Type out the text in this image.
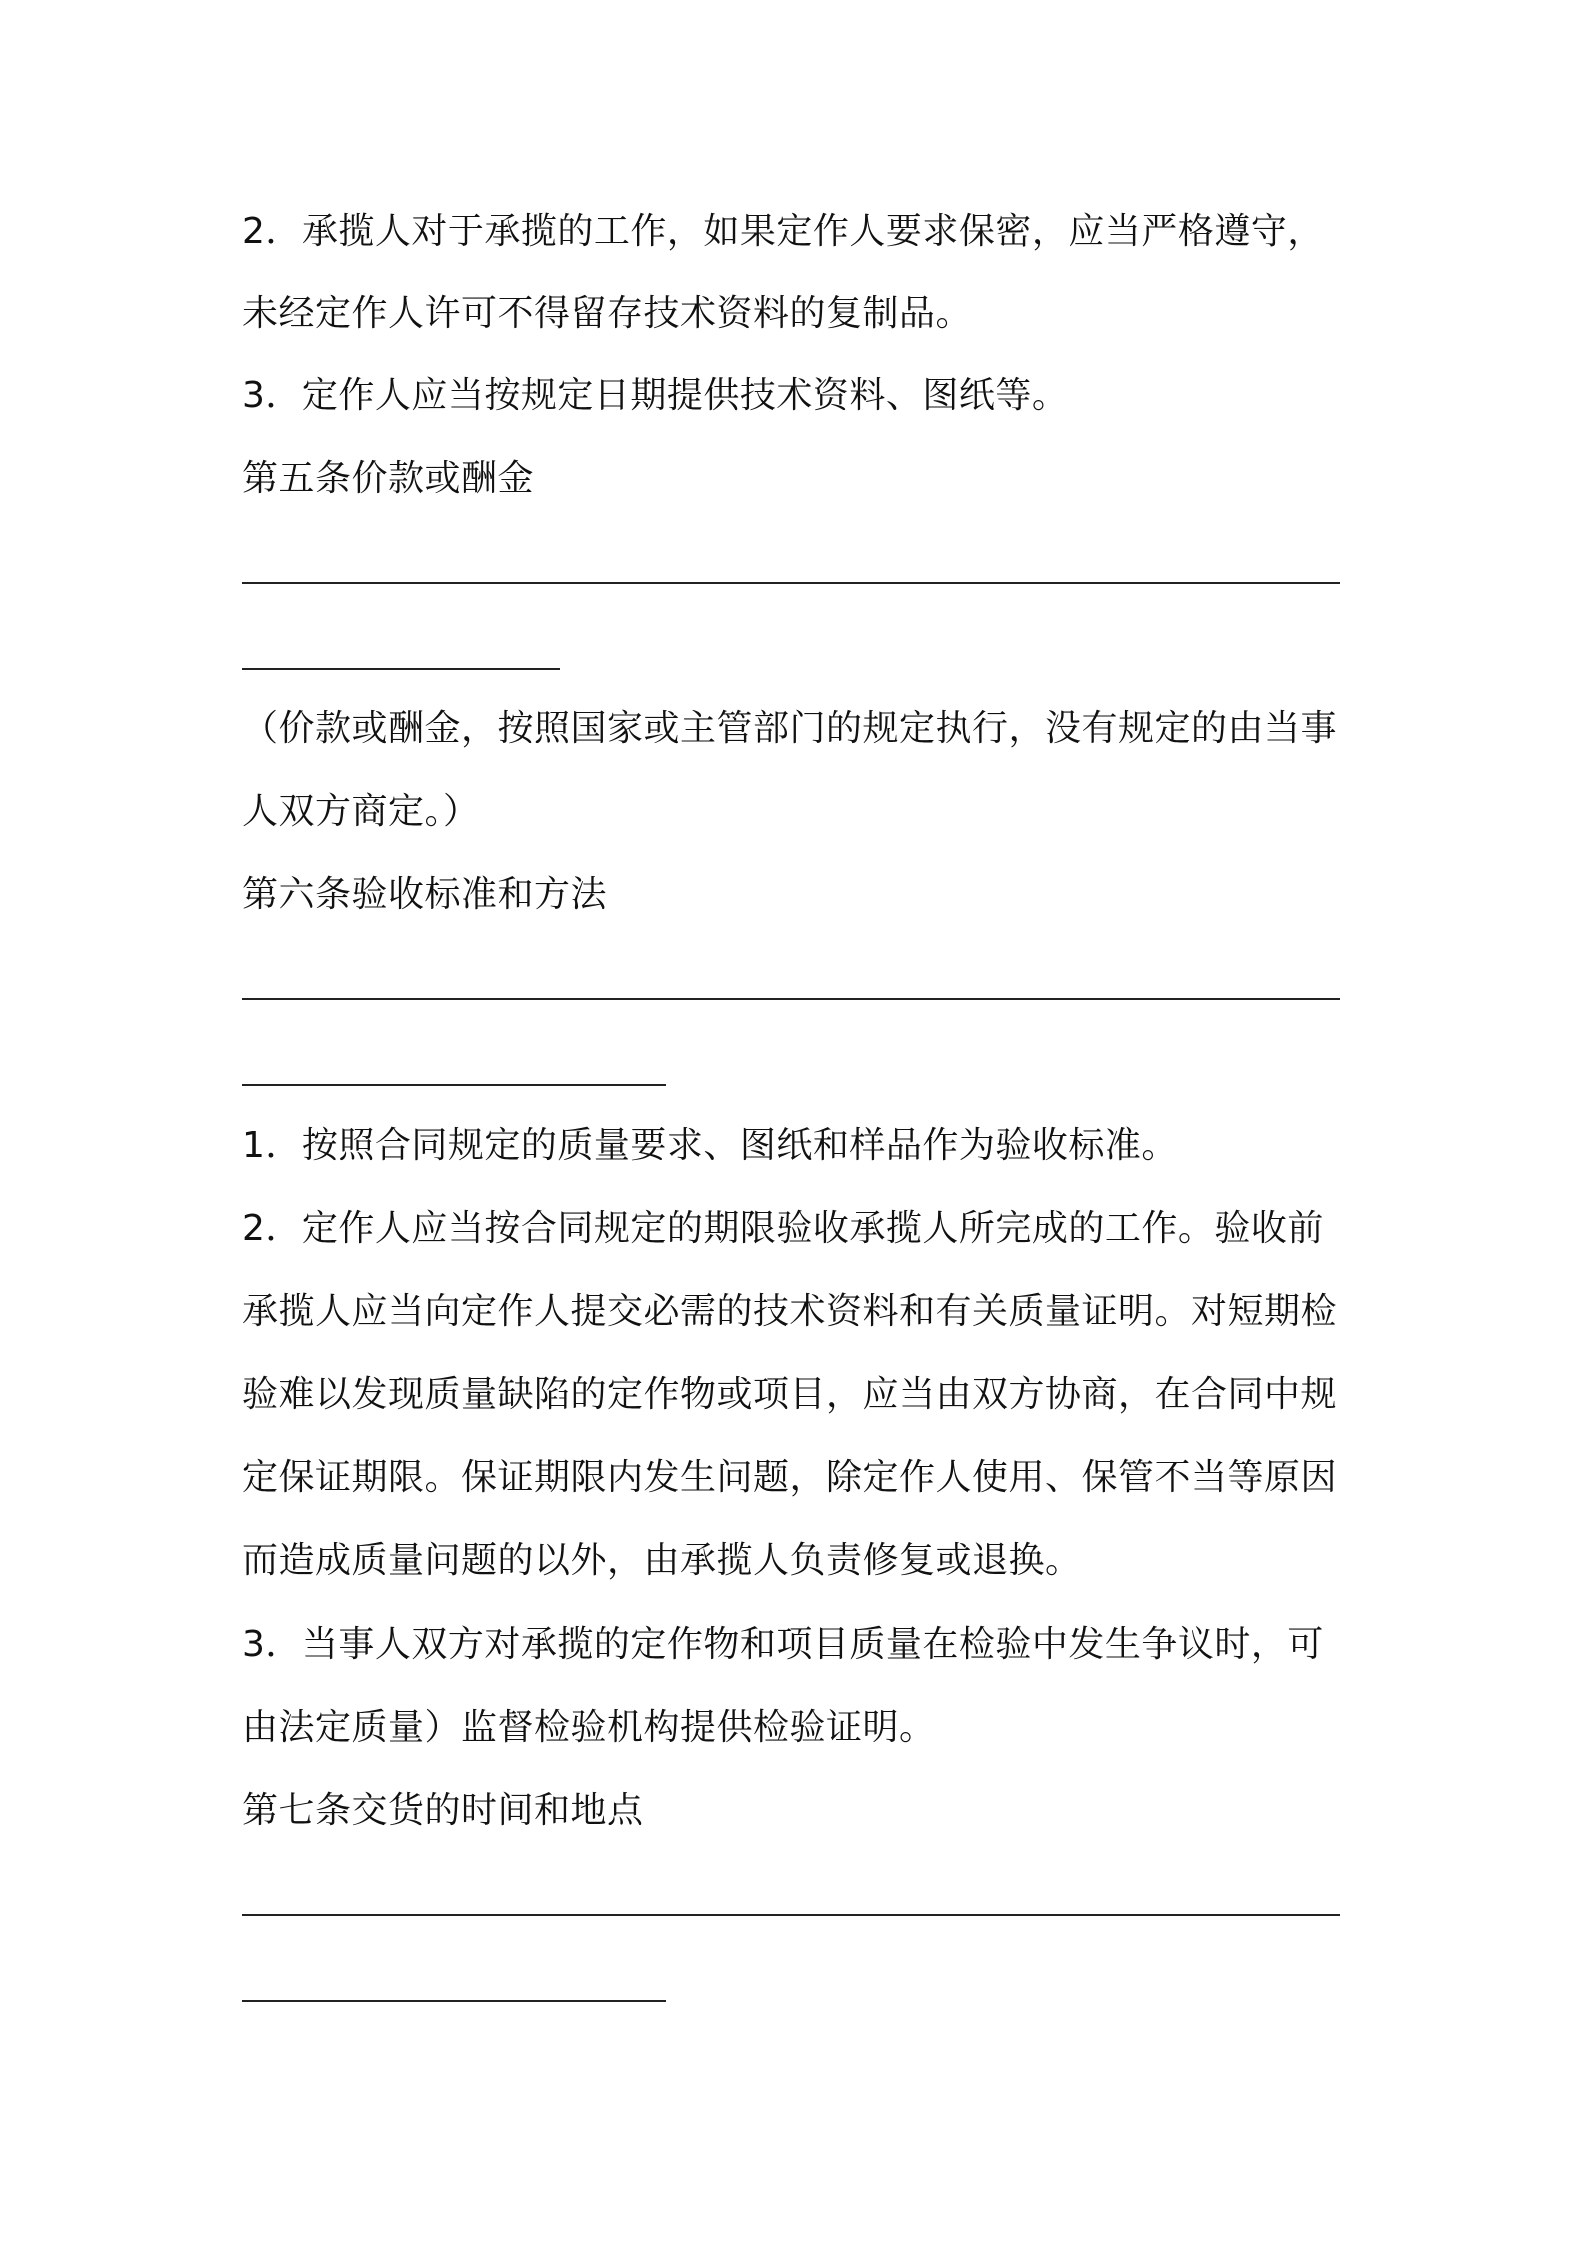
2．承揽人对于承揽的工作，如果定作人要求保密，应当严格遵守，
未经定作人许可不得留存技术资料的复制品。
3．定作人应当按规定日期提供技术资料、图纸等。
第五条价款或酬金
（价款或酬金，按照国家或主管部门的规定执行，没有规定的由当事
人双方商定。）
第六条验收标准和方法
1．按照合同规定的质量要求、图纸和样品作为验收标准。
2．定作人应当按合同规定的期限验收承揽人所完成的工作。验收前
承揽人应当向定作人提交必需的技术资料和有关质量证明。对短期检
验难以发现质量缺陷的定作物或项目，应当由双方协商，在合同中规
定保证期限。保证期限内发生问题，除定作人使用、保管不当等原因
而造成质量问题的以外，由承揽人负责修复或退换。
3．当事人双方对承揽的定作物和项目质量在检验中发生争议时，可
由法定质量）监督检验机构提供检验证明。
第七条交货的时间和地点
